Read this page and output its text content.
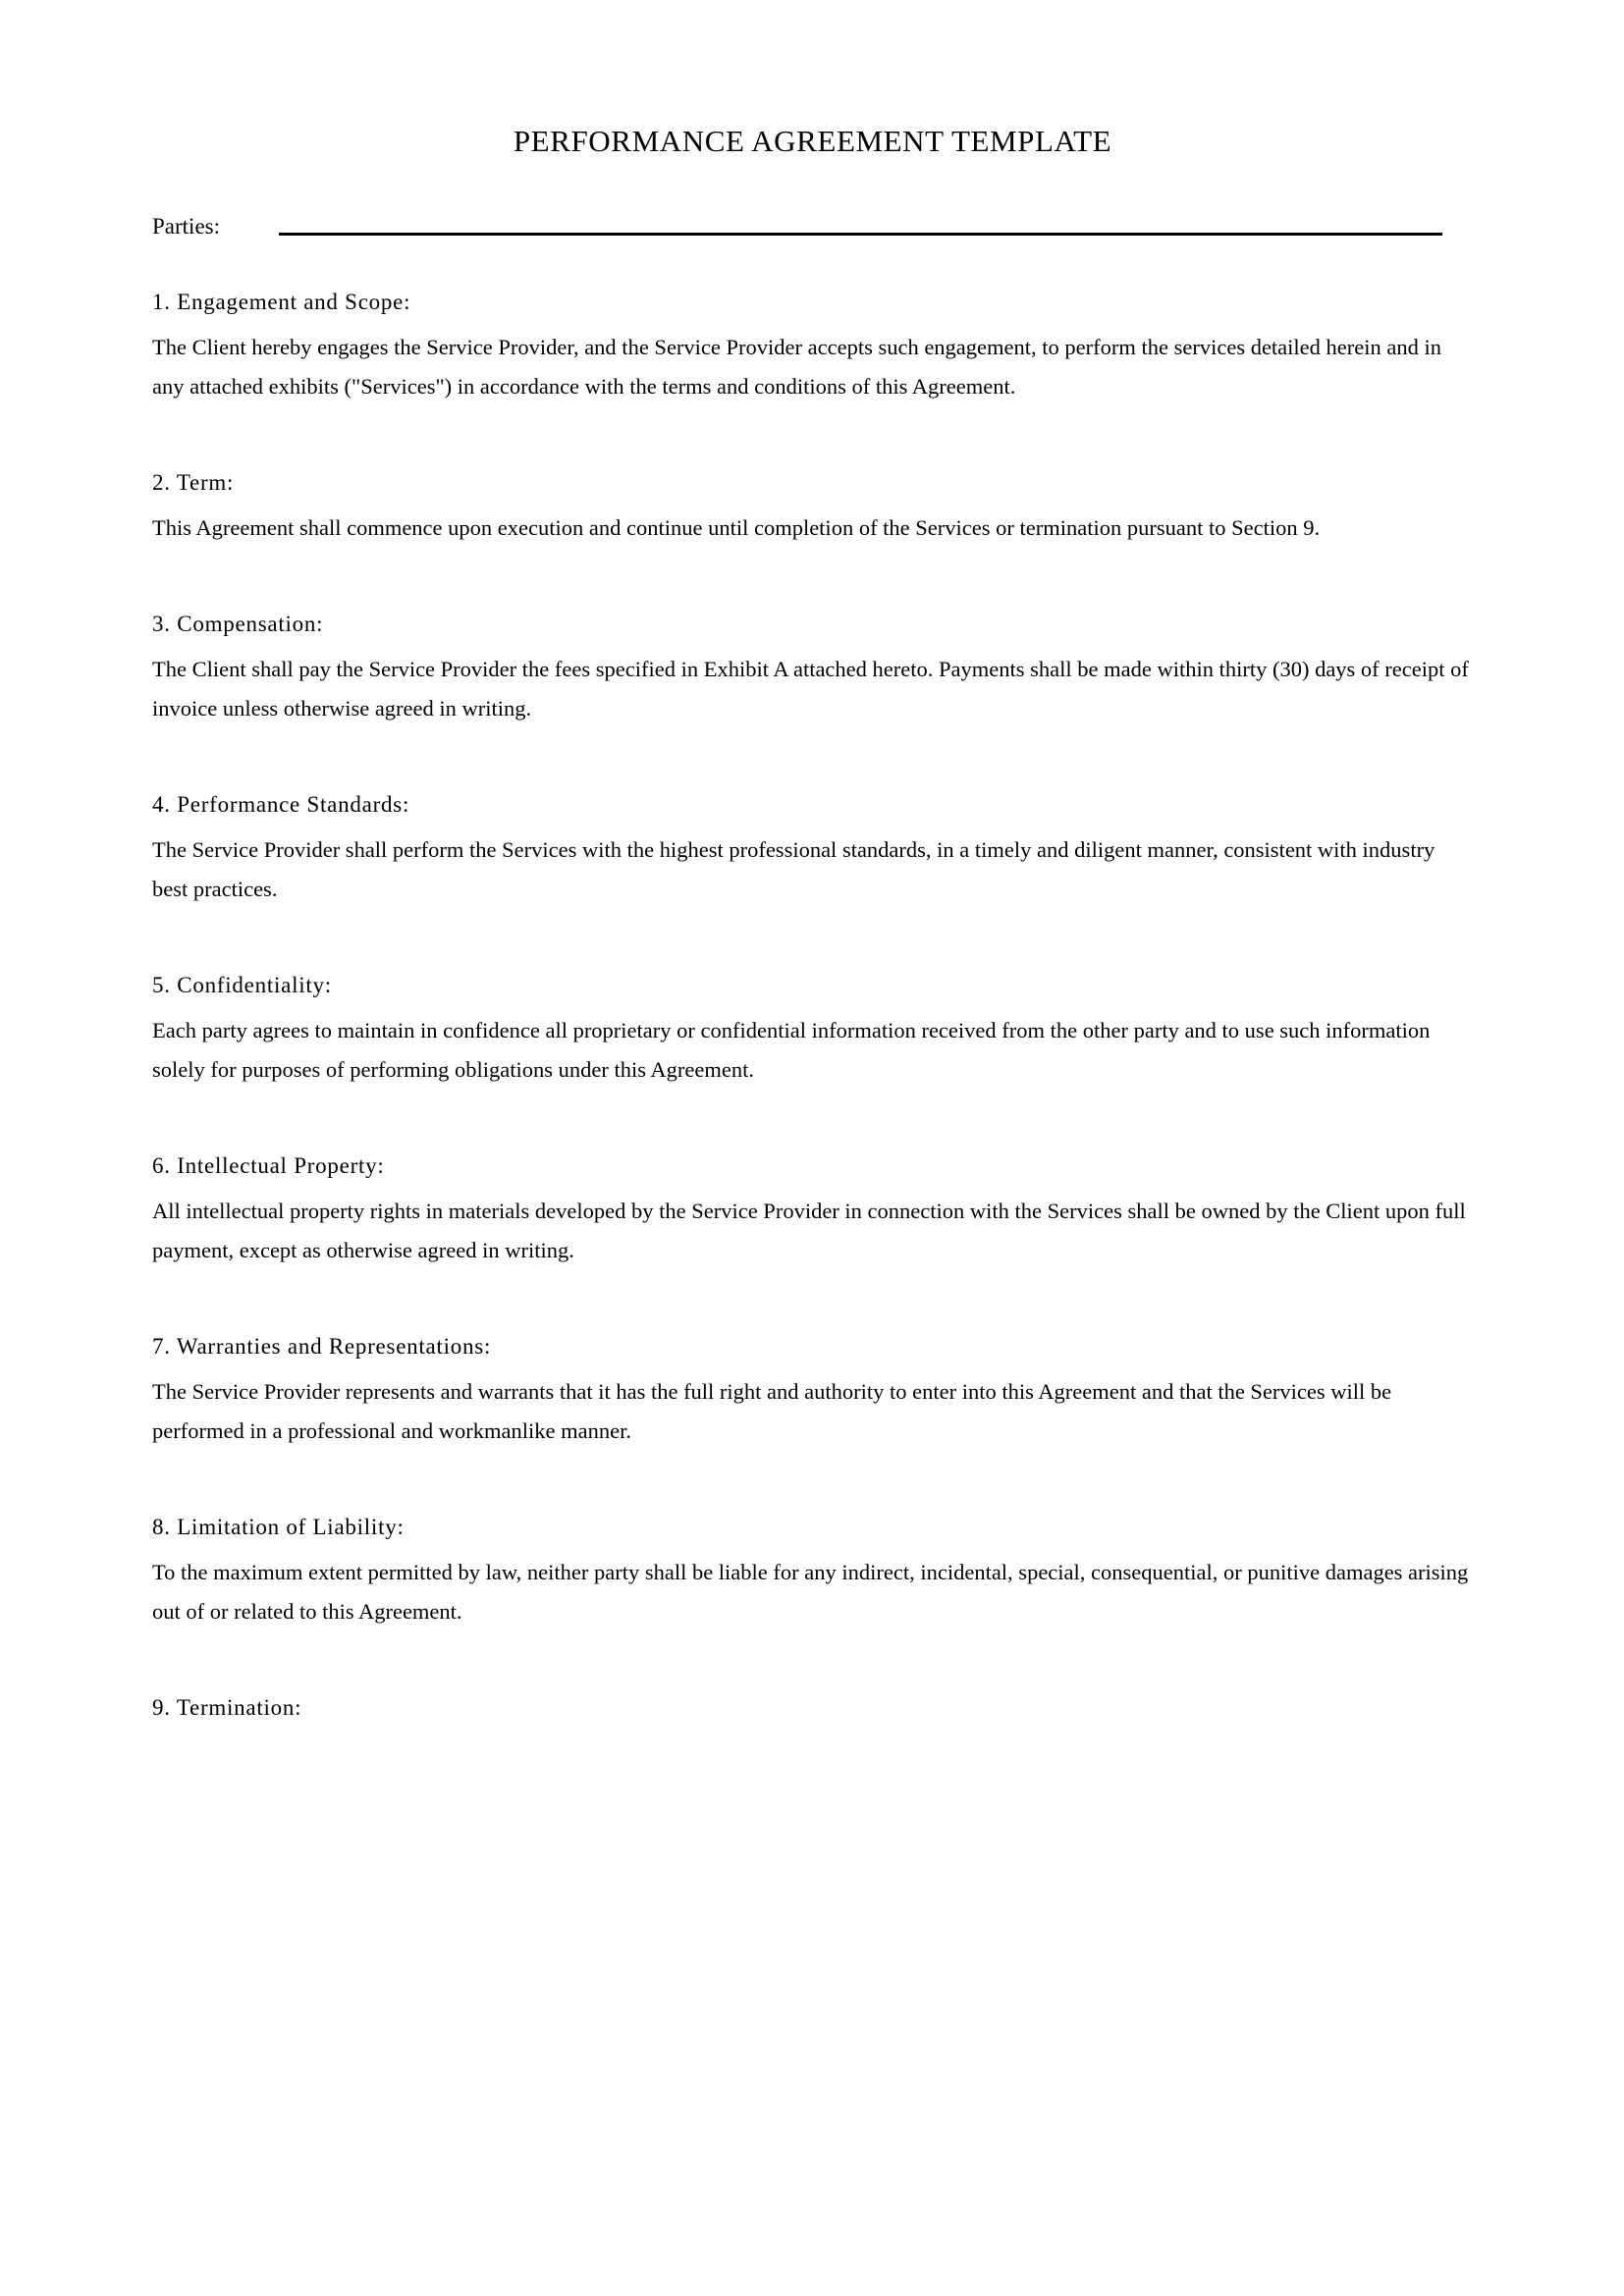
PERFORMANCE AGREEMENT TEMPLATE
Parties:
1. Engagement and Scope:

The Client hereby engages the Service Provider, and the Service Provider accepts such engagement, to perform the services detailed herein and in any attached exhibits ("Services") in accordance with the terms and conditions of this Agreement.

2. Term:

This Agreement shall commence upon execution and continue until completion of the Services or termination pursuant to Section 9.

3. Compensation:

The Client shall pay the Service Provider the fees specified in Exhibit A attached hereto. Payments shall be made within thirty (30) days of receipt of invoice unless otherwise agreed in writing.

4. Performance Standards:

The Service Provider shall perform the Services with the highest professional standards, in a timely and diligent manner, consistent with industry best practices.

5. Confidentiality:

Each party agrees to maintain in confidence all proprietary or confidential information received from the other party and to use such information solely for purposes of performing obligations under this Agreement.

6. Intellectual Property:

All intellectual property rights in materials developed by the Service Provider in connection with the Services shall be owned by the Client upon full payment, except as otherwise agreed in writing.

7. Warranties and Representations:

The Service Provider represents and warrants that it has the full right and authority to enter into this Agreement and that the Services will be performed in a professional and workmanlike manner.

8. Limitation of Liability:

To the maximum extent permitted by law, neither party shall be liable for any indirect, incidental, special, consequential, or punitive damages arising out of or related to this Agreement.

9. Termination:
